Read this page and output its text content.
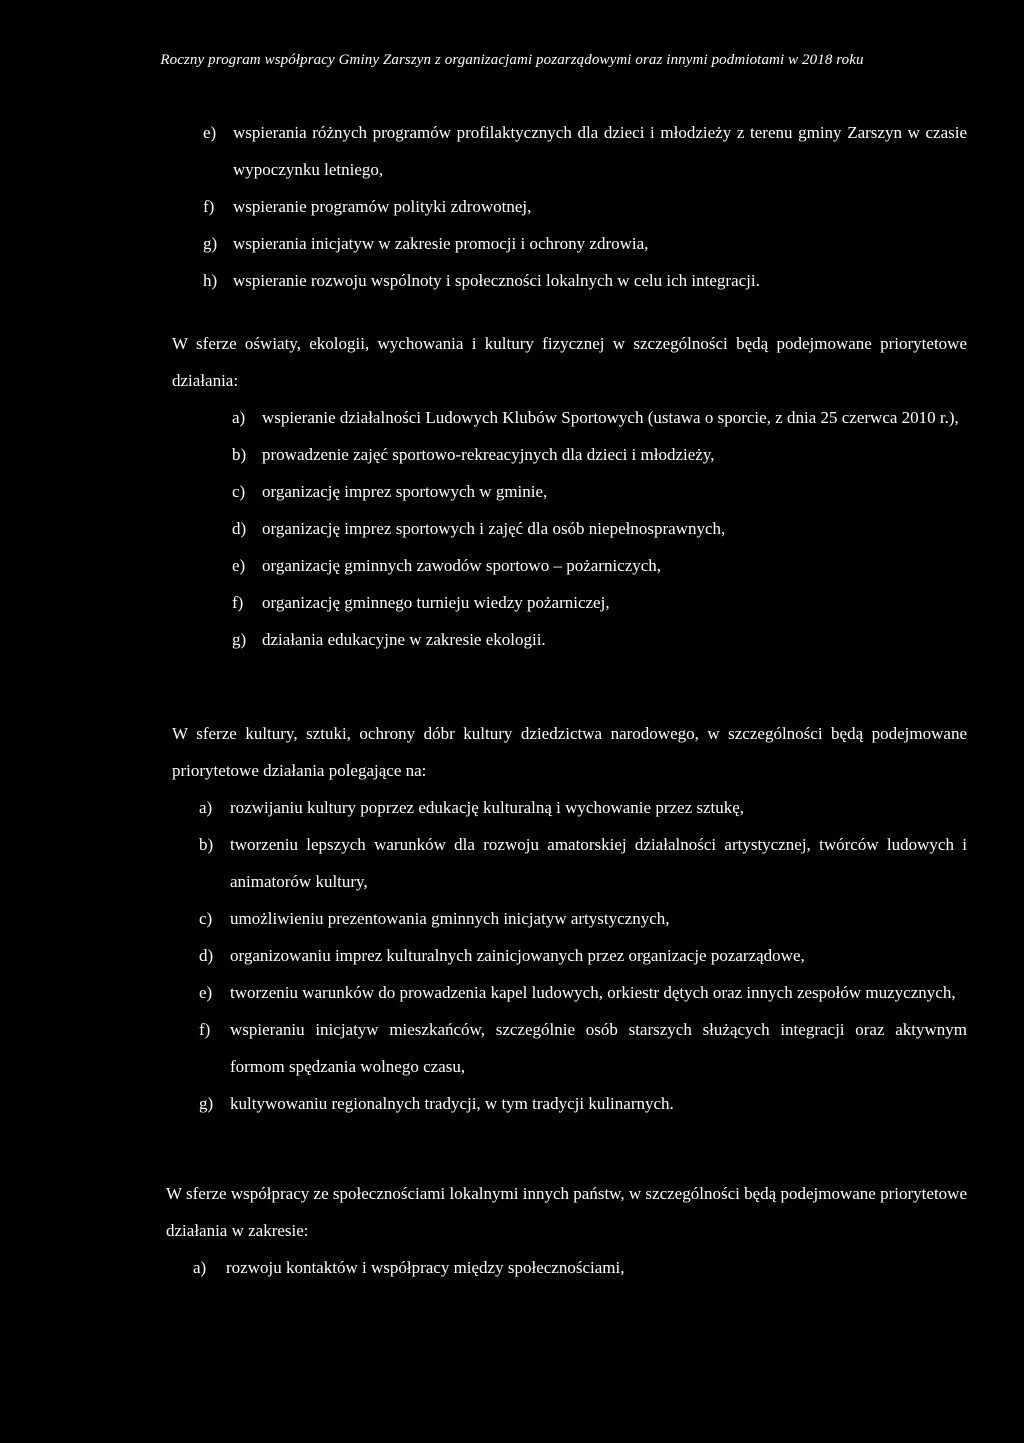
Roczny program współpracy Gminy Zarszyn z organizacjami pozarządowymi oraz innymi podmiotami w 2018 roku
e) wspierania różnych programów profilaktycznych dla dzieci i młodzieży z terenu gminy Zarszyn w czasie wypoczynku letniego,
f) wspieranie programów polityki zdrowotnej,
g) wspierania inicjatyw w zakresie promocji i ochrony zdrowia,
h) wspieranie rozwoju wspólnoty i społeczności lokalnych w celu ich integracji.

W sferze oświaty, ekologii, wychowania i kultury fizycznej w szczególności będą podejmowane priorytetowe działania:

a) wspieranie działalności Ludowych Klubów Sportowych (ustawa o sporcie, z dnia 25 czerwca 2010 r.),
b) prowadzenie zajęć sportowo-rekreacyjnych dla dzieci i młodzieży,
c) organizację imprez sportowych w gminie,
d) organizację imprez sportowych i zajęć dla osób niepełnosprawnych,
e) organizację gminnych zawodów sportowo – pożarniczych,
f) organizację gminnego turnieju wiedzy pożarniczej,
g) działania edukacyjne w zakresie ekologii.

W sferze kultury, sztuki, ochrony dóbr kultury dziedzictwa narodowego, w szczególności będą podejmowane priorytetowe działania polegające na:

a) rozwijaniu kultury poprzez edukację kulturalną i wychowanie przez sztukę,
b) tworzeniu lepszych warunków dla rozwoju amatorskiej działalności artystycznej, twórców ludowych i animatorów kultury,
c) umożliwieniu prezentowania gminnych inicjatyw artystycznych,
d) organizowaniu imprez kulturalnych zainicjowanych przez organizacje pozarządowe,
e) tworzeniu warunków do prowadzenia kapel ludowych, orkiestr dętych oraz innych zespołów muzycznych,
f) wspieraniu inicjatyw mieszkańców, szczególnie osób starszych służących integracji oraz aktywnym formom spędzania wolnego czasu,
g) kultywowaniu regionalnych tradycji, w tym tradycji kulinarnych.

W sferze współpracy ze społecznościami lokalnymi innych państw, w szczególności będą podejmowane priorytetowe działania w zakresie:

a) rozwoju kontaktów i współpracy między społecznościami,
